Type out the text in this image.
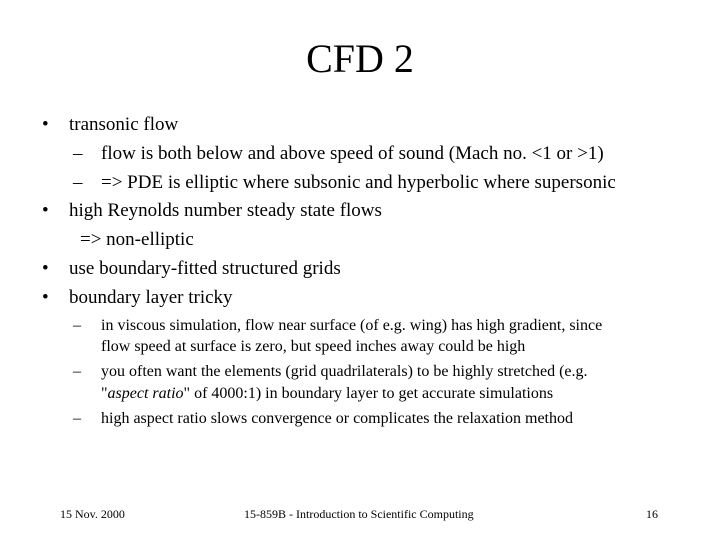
CFD 2
• transonic flow
– flow is both below and above speed of sound (Mach no. <1 or >1)
– => PDE is elliptic where subsonic and hyperbolic where supersonic
• high Reynolds number steady state flows
=> non-elliptic
• use boundary-fitted structured grids
• boundary layer tricky
– in viscous simulation, flow near surface (of e.g. wing) has high gradient, since
flow speed at surface is zero, but speed inches away could be high
– you often want the elements (grid quadrilaterals) to be highly stretched (e.g.
"aspect ratio" of 4000:1) in boundary layer to get accurate simulations
– high aspect ratio slows convergence or complicates the relaxation method
15 Nov. 2000	15-859B - Introduction to Scientific Computing	16
